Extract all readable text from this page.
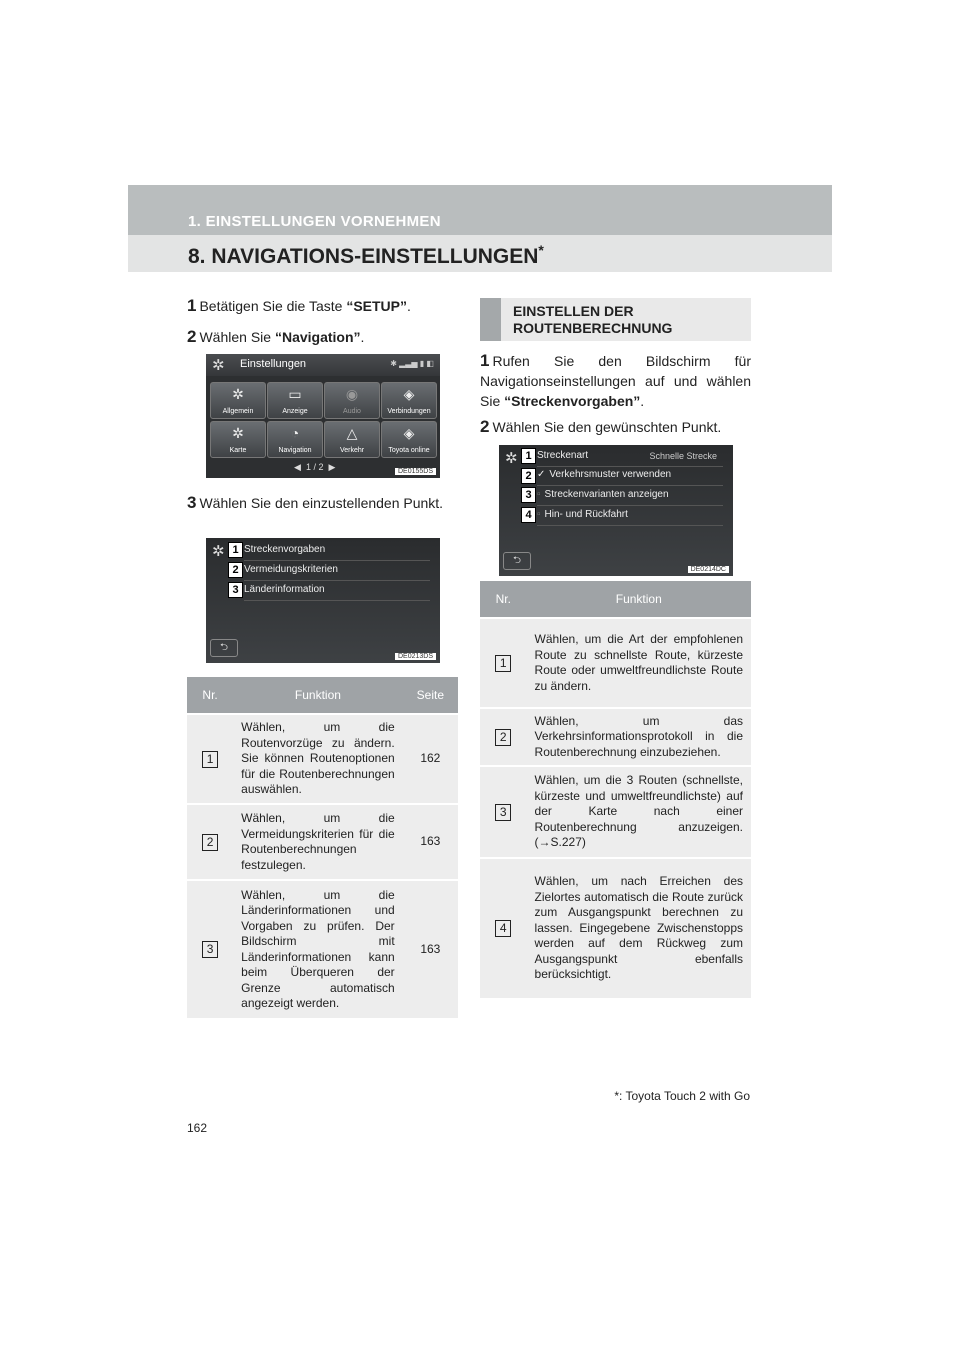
1. EINSTELLUNGEN VORNEHMEN
8. NAVIGATIONS-EINSTELLUNGEN*
1 Betätigen Sie die Taste “SETUP”.
2 Wählen Sie “Navigation”.
✲ Einstellungen	✱ ▂▃▅ ▮ ◧
✲
Allgemein
▭
Anzeige
◉
Audio
◈
Verbindungen
✲
Karte
◔
Navigation
△
Verkehr
◈
Toyota online
◀  1 / 2  ▶	DE0155DS
3 Wählen Sie den einzustellenden Punkt.
✲ Streckenvorgaben
Vermeidungskriterien
Länderinformation
1
2
3
⮌
DE0213DS
Nr.	Funktion	Seite
1	Wählen, um die Routenvorzüge zu ändern. Sie können Routenoptionen für die Routenberechnungen auswählen.	162
2	Wählen, um die Vermeidungskriterien für die Routenberechnungen festzulegen.	163
3	Wählen, um die Länderinformationen und Vorgaben zu prüfen. Der Bildschirm mit Länderinformationen kann beim Überqueren der Grenze automatisch angezeigt werden.	163
EINSTELLEN DER ROUTENBERECHNUNG
1 Rufen Sie den Bildschirm für Navigationseinstellungen auf und wählen Sie “Streckenvorgaben”.
2 Wählen Sie den gewünschten Punkt.
✲ Streckenart	Schnelle Strecke
✓ Verkehrsmuster verwenden
▫ Streckenvarianten anzeigen
▫ Hin- und Rückfahrt
1
2
3
4
⮌
DE0214DC
Nr.	Funktion
1	Wählen, um die Art der empfohlenen Route zu schnellste Route, kürzeste Route oder umweltfreundlichste Route zu ändern.
2	Wählen, um das Verkehrsinformationsprotokoll in die Routenberechnung einzubeziehen.
3	Wählen, um die 3 Routen (schnellste, kürzeste und umweltfreundlichste) auf der Karte nach einer Routenberechnung anzuzeigen. (→S.227)
4	Wählen, um nach Erreichen des Zielortes automatisch die Route zurück zum Ausgangspunkt berechnen zu lassen. Eingegebene Zwischenstopps werden auf dem Rückweg zum Ausgangspunkt ebenfalls berücksichtigt.
*: Toyota Touch 2 with Go
162
